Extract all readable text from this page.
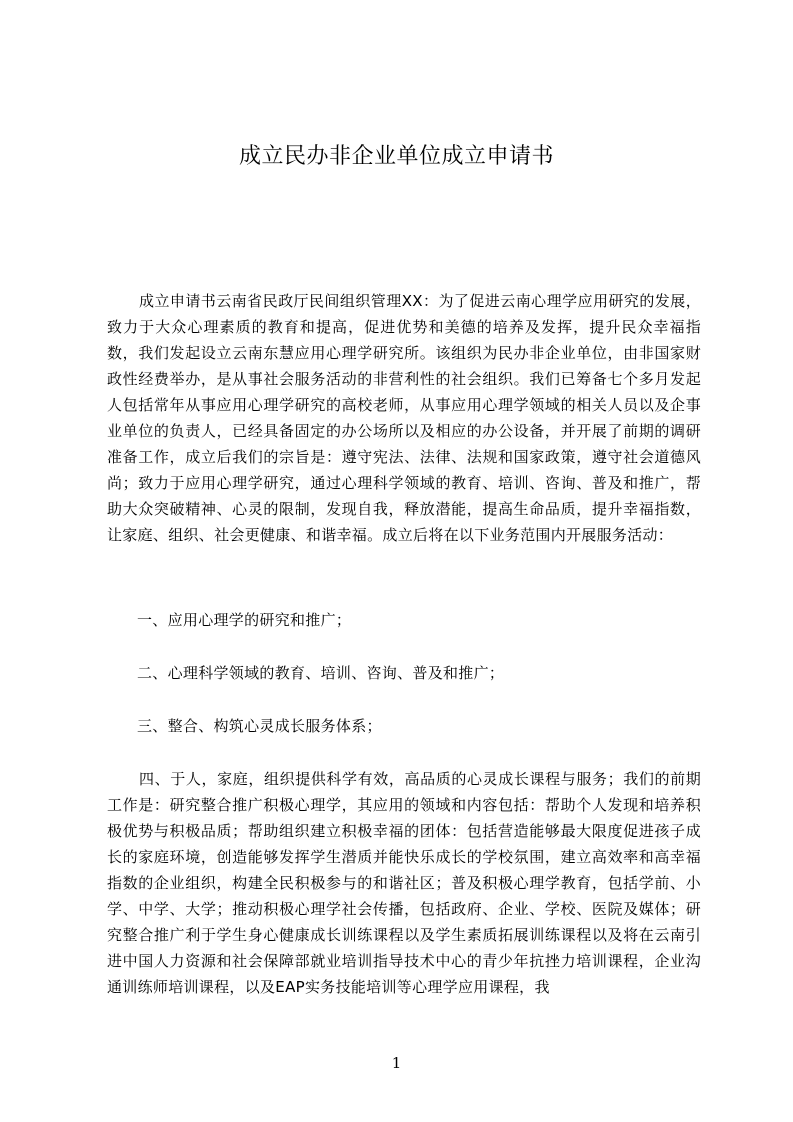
成立民办非企业单位成立申请书

成立申请书云南省民政厅民间组织管理XX：为了促进云南心理学应用研究的发展，致力于大众心理素质的教育和提高，促进优势和美德的培养及发挥，提升民众幸福指数，我们发起设立云南东慧应用心理学研究所。该组织为民办非企业单位，由非国家财政性经费举办，是从事社会服务活动的非营利性的社会组织。我们已筹备七个多月发起人包括常年从事应用心理学研究的高校老师，从事应用心理学领域的相关人员以及企事业单位的负责人，已经具备固定的办公场所以及相应的办公设备，并开展了前期的调研准备工作，成立后我们的宗旨是：遵守宪法、法律、法规和国家政策，遵守社会道德风尚；致力于应用心理学研究，通过心理科学领域的教育、培训、咨询、普及和推广，帮助大众突破精神、心灵的限制，发现自我，释放潜能，提高生命品质，提升幸福指数，让家庭、组织、社会更健康、和谐幸福。成立后将在以下业务范围内开展服务活动：

一、应用心理学的研究和推广；

二、心理科学领域的教育、培训、咨询、普及和推广；

三、整合、构筑心灵成长服务体系；

四、于人，家庭，组织提供科学有效，高品质的心灵成长课程与服务；我们的前期工作是：研究整合推广积极心理学，其应用的领域和内容包括：帮助个人发现和培养积极优势与积极品质；帮助组织建立积极幸福的团体：包括营造能够最大限度促进孩子成长的家庭环境，创造能够发挥学生潜质并能快乐成长的学校氛围，建立高效率和高幸福指数的企业组织，构建全民积极参与的和谐社区；普及积极心理学教育，包括学前、小学、中学、大学；推动积极心理学社会传播，包括政府、企业、学校、医院及媒体；研究整合推广利于学生身心健康成长训练课程以及学生素质拓展训练课程以及将在云南引进中国人力资源和社会保障部就业培训指导技术中心的青少年抗挫力培训课程，企业沟通训练师培训课程，以及EAP实务技能培训等心理学应用课程，我

1
